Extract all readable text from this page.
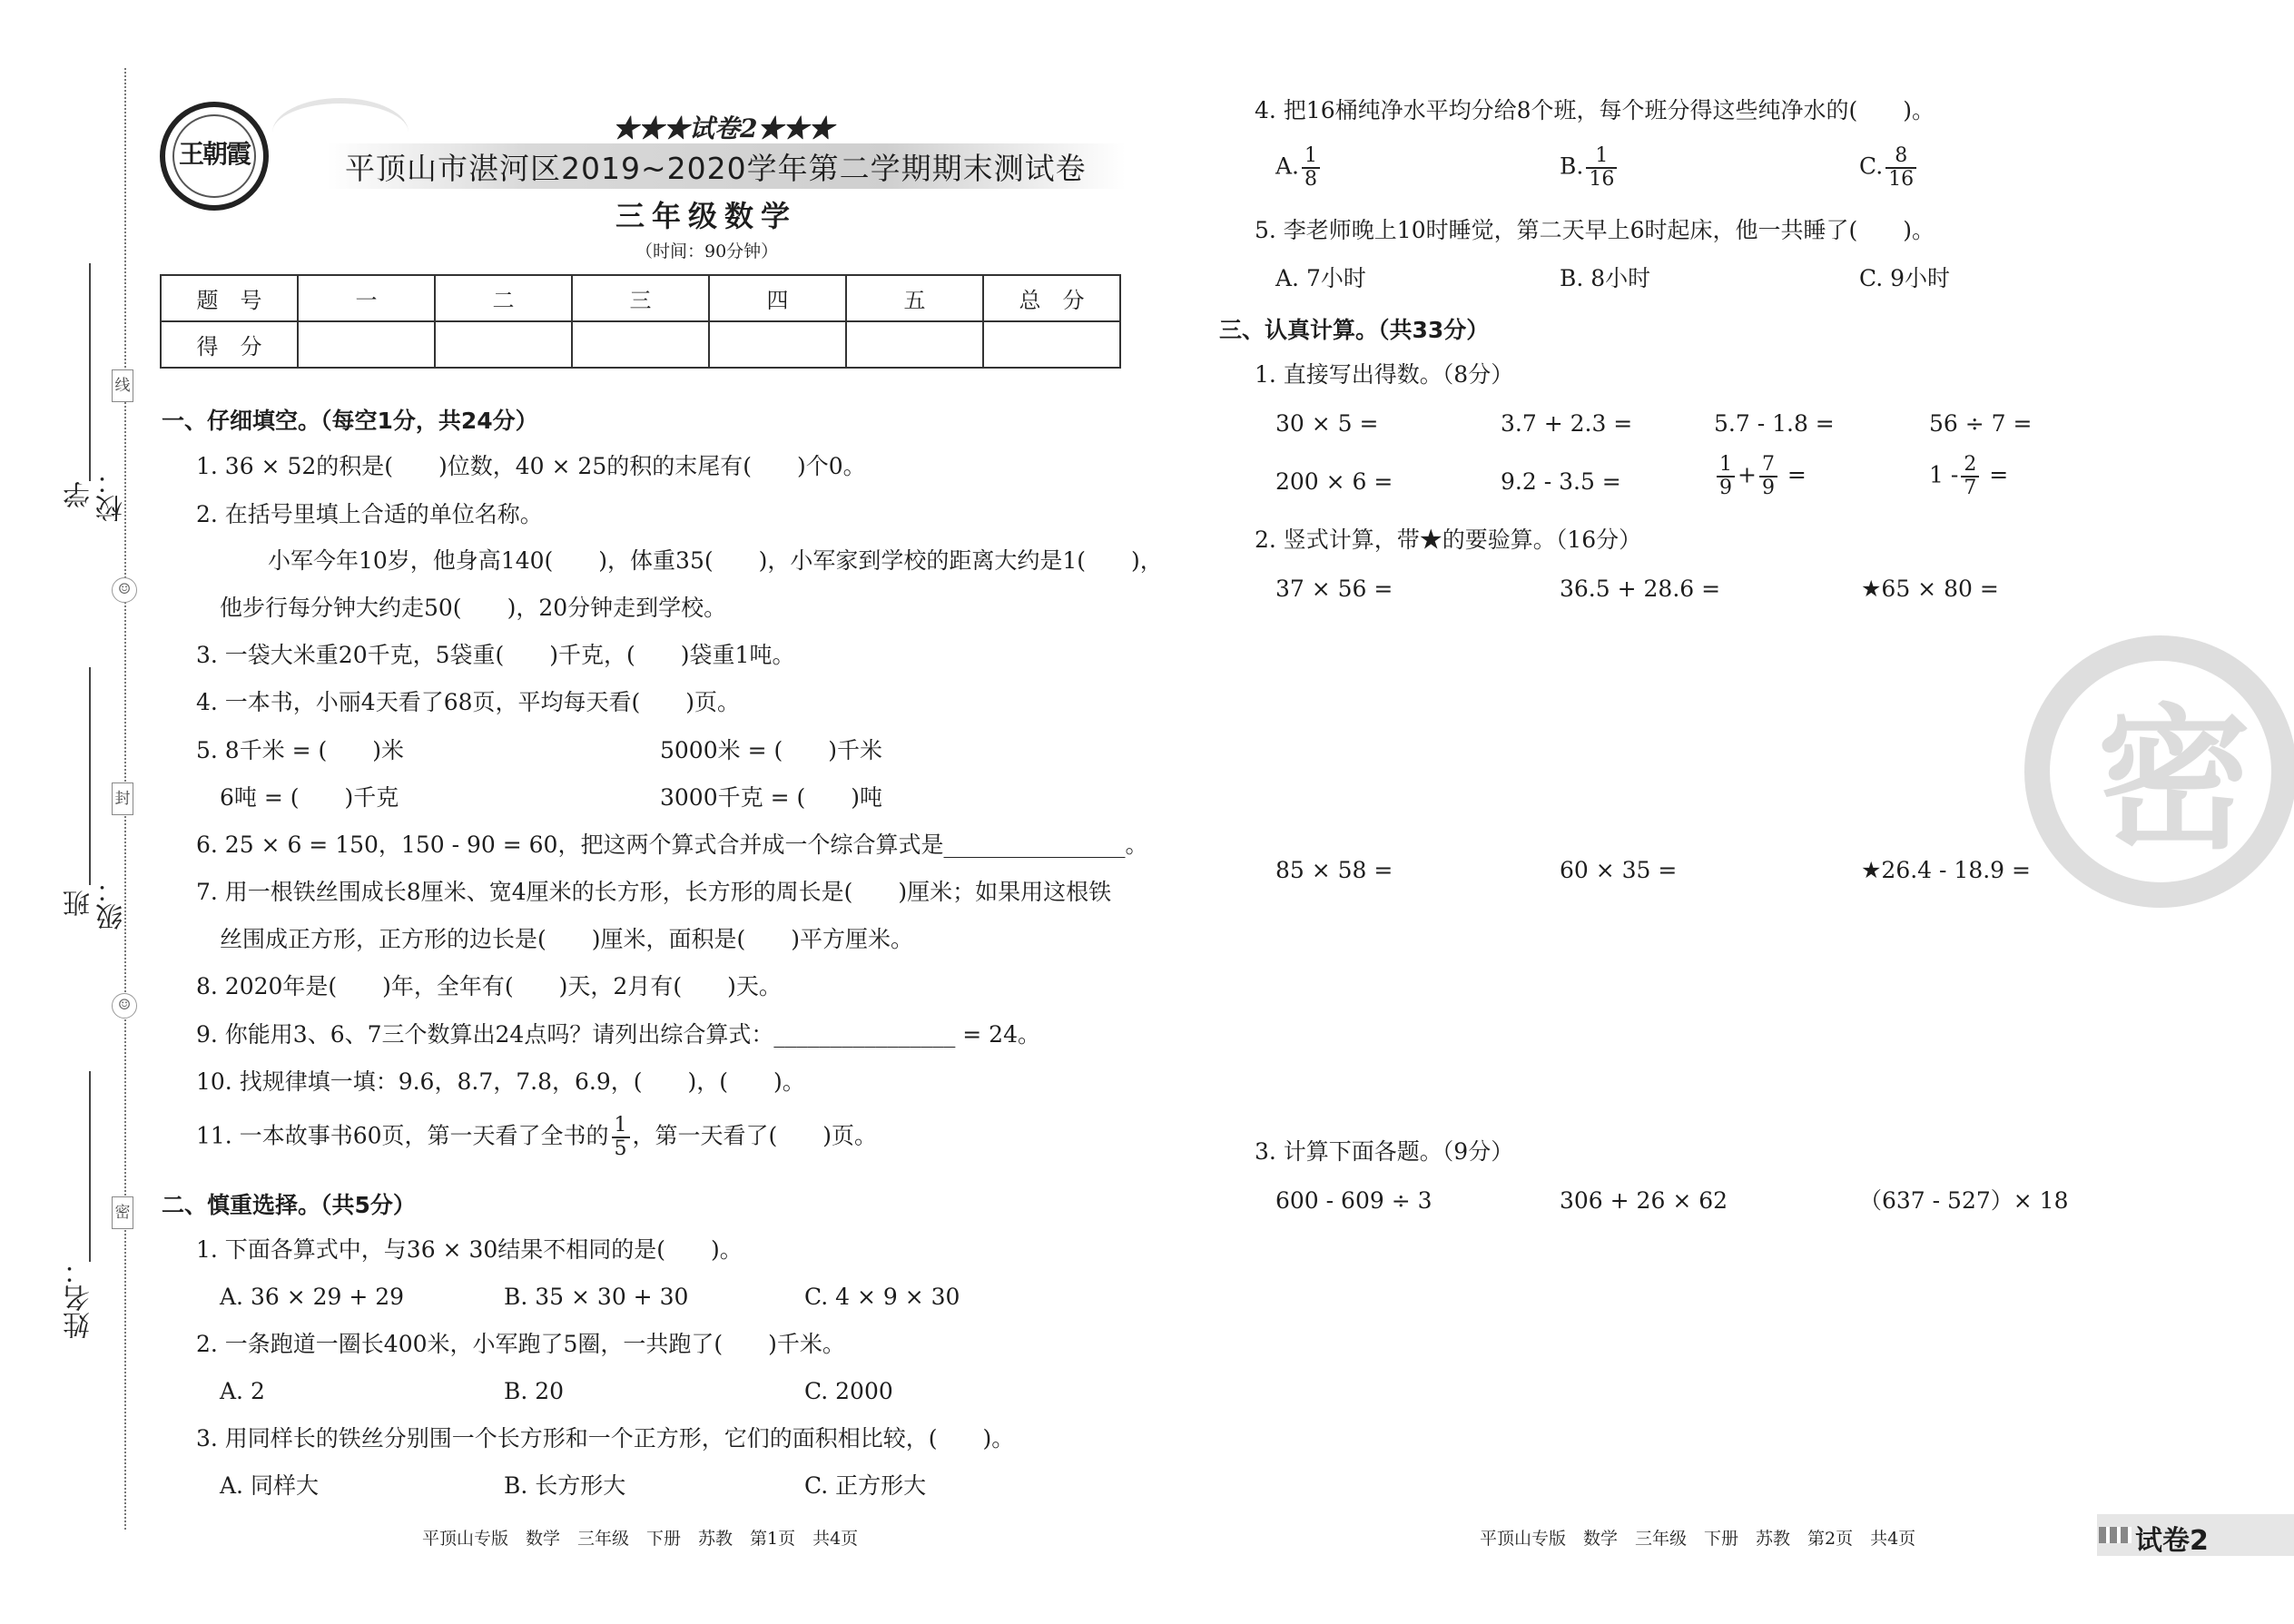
线
☺
封
☺
密
学校：
班级：
姓名：
王朝霞
★★★试卷2★★★
平顶山市湛河区2019~2020学年第二学期期末测试卷
三年级数学
（时间：90分钟）
题　号	一	二	三	四	五	总　分
得　分						
一、仔细填空。（每空1分，共24分）
1. 36 × 52的积是(　　)位数，40 × 25的积的末尾有(　　)个0。
2. 在括号里填上合适的单位名称。
小军今年10岁，他身高140(　　)，体重35(　　)，小军家到学校的距离大约是1(　　)，
他步行每分钟大约走50(　　)，20分钟走到学校。
3. 一袋大米重20千克，5袋重(　　)千克，(　　)袋重1吨。
4. 一本书，小丽4天看了68页，平均每天看(　　)页。
5. 8千米 = (　　)米	5000米 = (　　)千米
6吨 = (　　)千克	3000千克 = (　　)吨
6. 25 × 6 = 150，150 - 90 = 60，把这两个算式合并成一个综合算式是________________。
7. 用一根铁丝围成长8厘米、宽4厘米的长方形，长方形的周长是(　　)厘米；如果用这根铁
丝围成正方形，正方形的边长是(　　)厘米，面积是(　　)平方厘米。
8. 2020年是(　　)年，全年有(　　)天，2月有(　　)天。
9. 你能用3、6、7三个数算出24点吗？请列出综合算式：________________ = 24。
10. 找规律填一填：9.6，8.7，7.8，6.9，(　　)，(　　)。
11. 一本故事书60页，第一天看了全书的 $\frac{1}{5}$ ，第一天看了(　　)页。
二、慎重选择。（共5分）
1. 下面各算式中，与36 × 30结果不相同的是(　　)。
A. 36 × 29 + 29	B. 35 × 30 + 30	C. 4 × 9 × 30
2. 一条跑道一圈长400米，小军跑了5圈，一共跑了(　　)千米。
A. 2	B. 20	C. 2000
3. 用同样长的铁丝分别围一个长方形和一个正方形，它们的面积相比较，(　　)。
A. 同样大	B. 长方形大	C. 正方形大
4. 把16桶纯净水平均分给8个班，每个班分得这些纯净水的(　　)。
A. $\frac{1}{8}$	B. $\frac{1}{16}$	C. $\frac{8}{16}$
5. 李老师晚上10时睡觉，第二天早上6时起床，他一共睡了(　　)。
A. 7小时	B. 8小时	C. 9小时
三、认真计算。（共33分）
1. 直接写出得数。（8分）
30 × 5 =	3.7 + 2.3 =	5.7 - 1.8 =	56 ÷ 7 =
200 × 6 =	9.2 - 3.5 =	$\frac{1}{9} + \frac{7}{9}$ =	$1 - \frac{2}{7}$ =
2. 竖式计算，带★的要验算。（16分）
37 × 56 =	36.5 + 28.6 =	★65 × 80 =
85 × 58 =	60 × 35 =	★26.4 - 18.9 =
3. 计算下面各题。（9分）
600 - 609 ÷ 3	306 + 26 × 62	（637 - 527）× 18
密
平顶山专版　数学　三年级　下册　苏教　第1页　共4页	平顶山专版　数学　三年级　下册　苏教　第2页　共4页	试卷2
